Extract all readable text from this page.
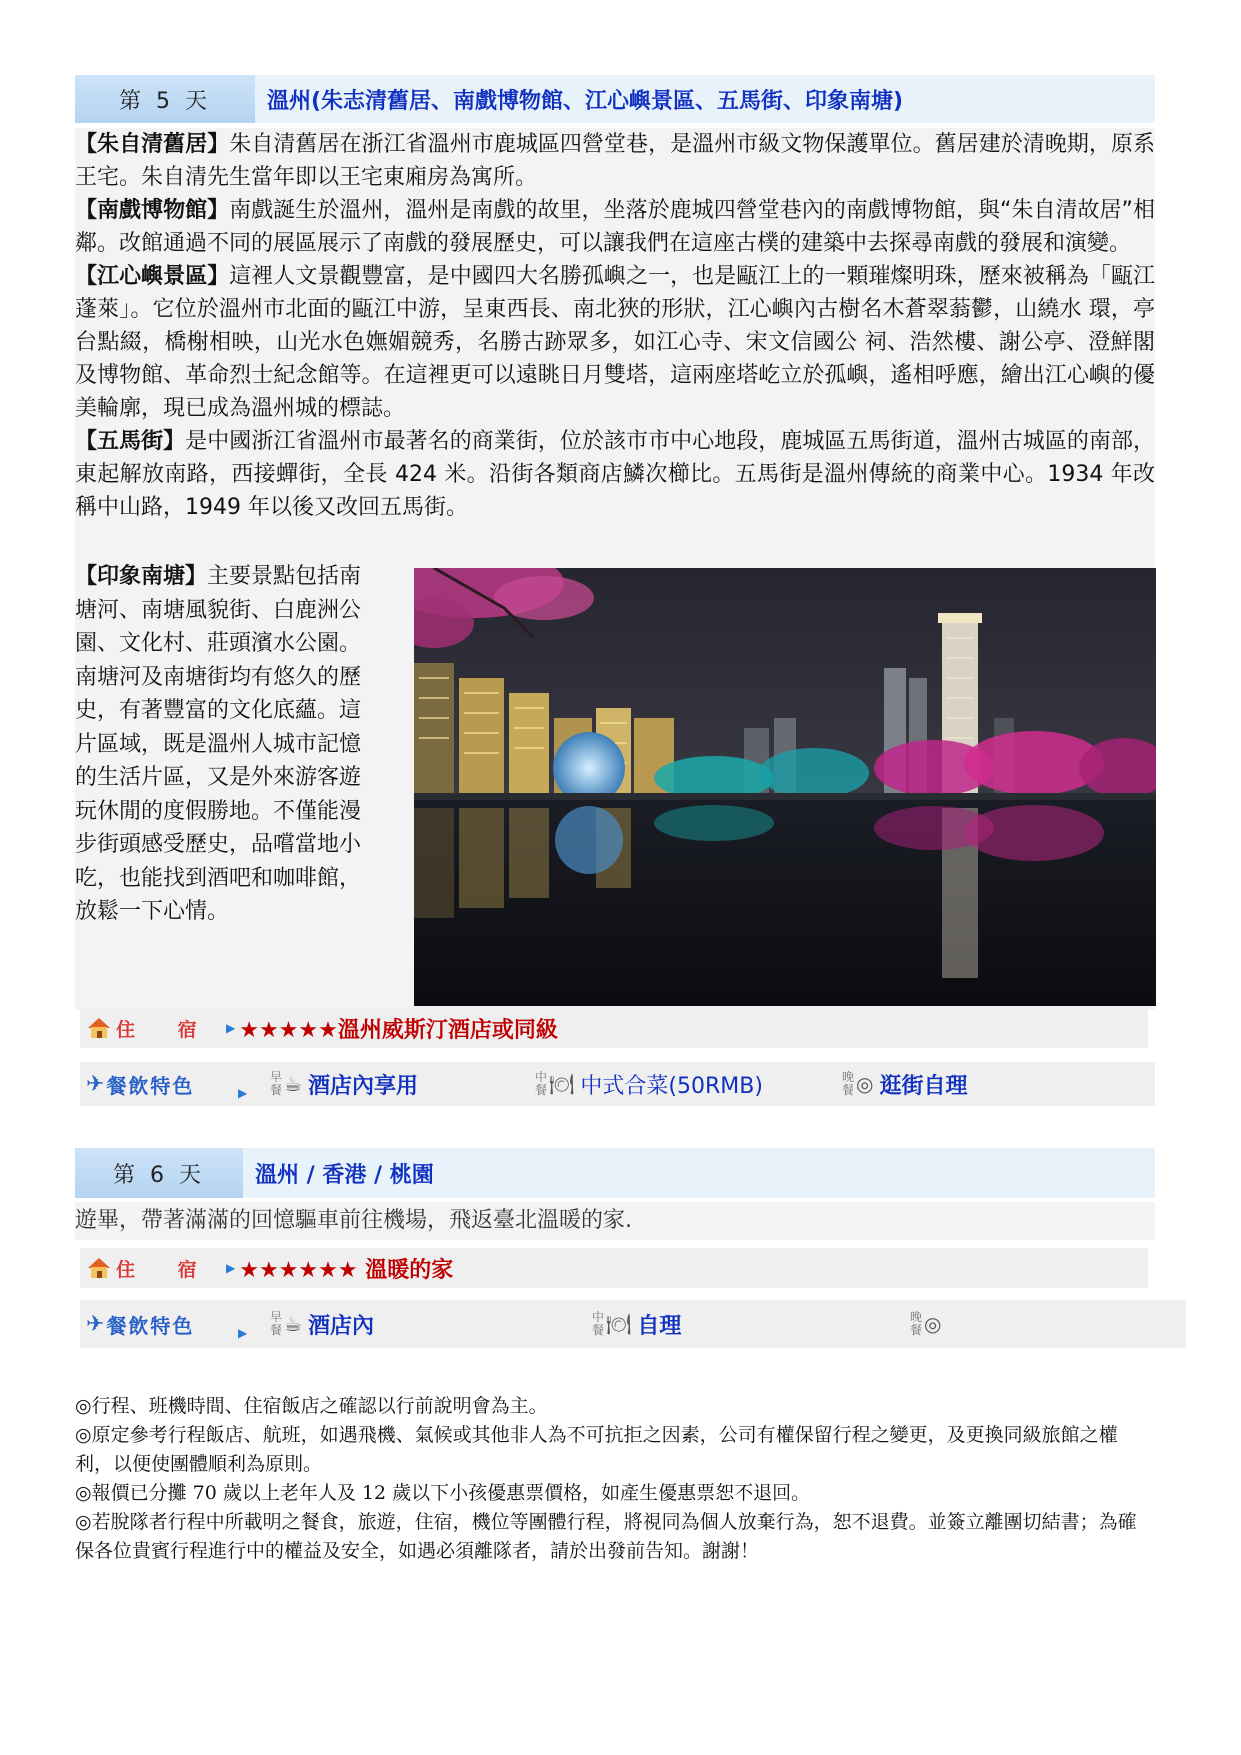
第 5 天	溫州(朱志清舊居、南戲博物館、江心嶼景區、五馬街、印象南塘)

【朱自清舊居】朱自清舊居在浙江省溫州市鹿城區四營堂巷，是溫州市級文物保護單位。舊居建於清晚期，原系王宅。朱自清先生當年即以王宅東廂房為寓所。

【南戲博物館】南戲誕生於溫州，溫州是南戲的故里，坐落於鹿城四營堂巷內的南戲博物館，與“朱自清故居”相鄰。改館通過不同的展區展示了南戲的發展歷史，可以讓我們在這座古樸的建築中去探尋南戲的發展和演變。

【江心嶼景區】這裡人文景觀豐富，是中國四大名勝孤嶼之一，也是甌江上的一顆璀燦明珠，歷來被稱為「甌江蓬萊」。它位於溫州市北面的甌江中游，呈東西長、南北狹的形狀，江心嶼內古樹名木蒼翠蓊鬱，山繞水 環，亭台點綴，橋榭相映，山光水色嫵媚競秀，名勝古跡眾多，如江心寺、宋文信國公 祠、浩然樓、謝公亭、澄鮮閣及博物館、革命烈士紀念館等。在這裡更可以遠眺日月雙塔，這兩座塔屹立於孤嶼，遙相呼應，繪出江心嶼的優美輪廓，現已成為溫州城的標誌。

【五馬街】是中國浙江省溫州市最著名的商業街，位於該市市中心地段，鹿城區五馬街道，溫州古城區的南部，東起解放南路，西接蟬街，全長 424 米。沿街各類商店鱗次櫛比。五馬街是溫州傳統的商業中心。1934 年改稱中山路，1949 年以後又改回五馬街。

【印象南塘】主要景點包括南塘河、南塘風貌街、白鹿洲公園、文化村、莊頭濱水公園。南塘河及南塘街均有悠久的歷史，有著豐富的文化底蘊。這片區域，既是溫州人城市記憶的生活片區，又是外來游客遊玩休閒的度假勝地。不僅能漫步街頭感受歷史，品嚐當地小吃，也能找到酒吧和咖啡館，放鬆一下心情。
住 宿 ▶ ★★★★★溫州威斯汀酒店或同級
✈ 餐飲特色	▶
早
餐 ☕ 酒店內享用	中
餐 🍽 中式合菜(50RMB)	晚
餐 ◎ 逛街自理
第 6 天	溫州 / 香港 / 桃園

遊畢，帶著滿滿的回憶驅車前往機場，飛返臺北溫暖的家.

住 宿 ▶ ★★★★★★ 溫暖的家
✈ 餐飲特色	▶
早
餐 ☕ 酒店內	中
餐 🍽 自理	晚
餐 ◎

◎行程、班機時間、住宿飯店之確認以行前說明會為主。

◎原定參考行程飯店、航班，如遇飛機、氣候或其他非人為不可抗拒之因素，公司有權保留行程之變更，及更換同級旅館之權利，以便使團體順利為原則。

◎報價已分攤 70 歲以上老年人及 12 歲以下小孩優惠票價格，如產生優惠票恕不退回。

◎若脫隊者行程中所載明之餐食，旅遊，住宿，機位等團體行程，將視同為個人放棄行為，恕不退費。並簽立離團切結書；為確保各位貴賓行程進行中的權益及安全，如遇必須離隊者，請於出發前告知。謝謝！
